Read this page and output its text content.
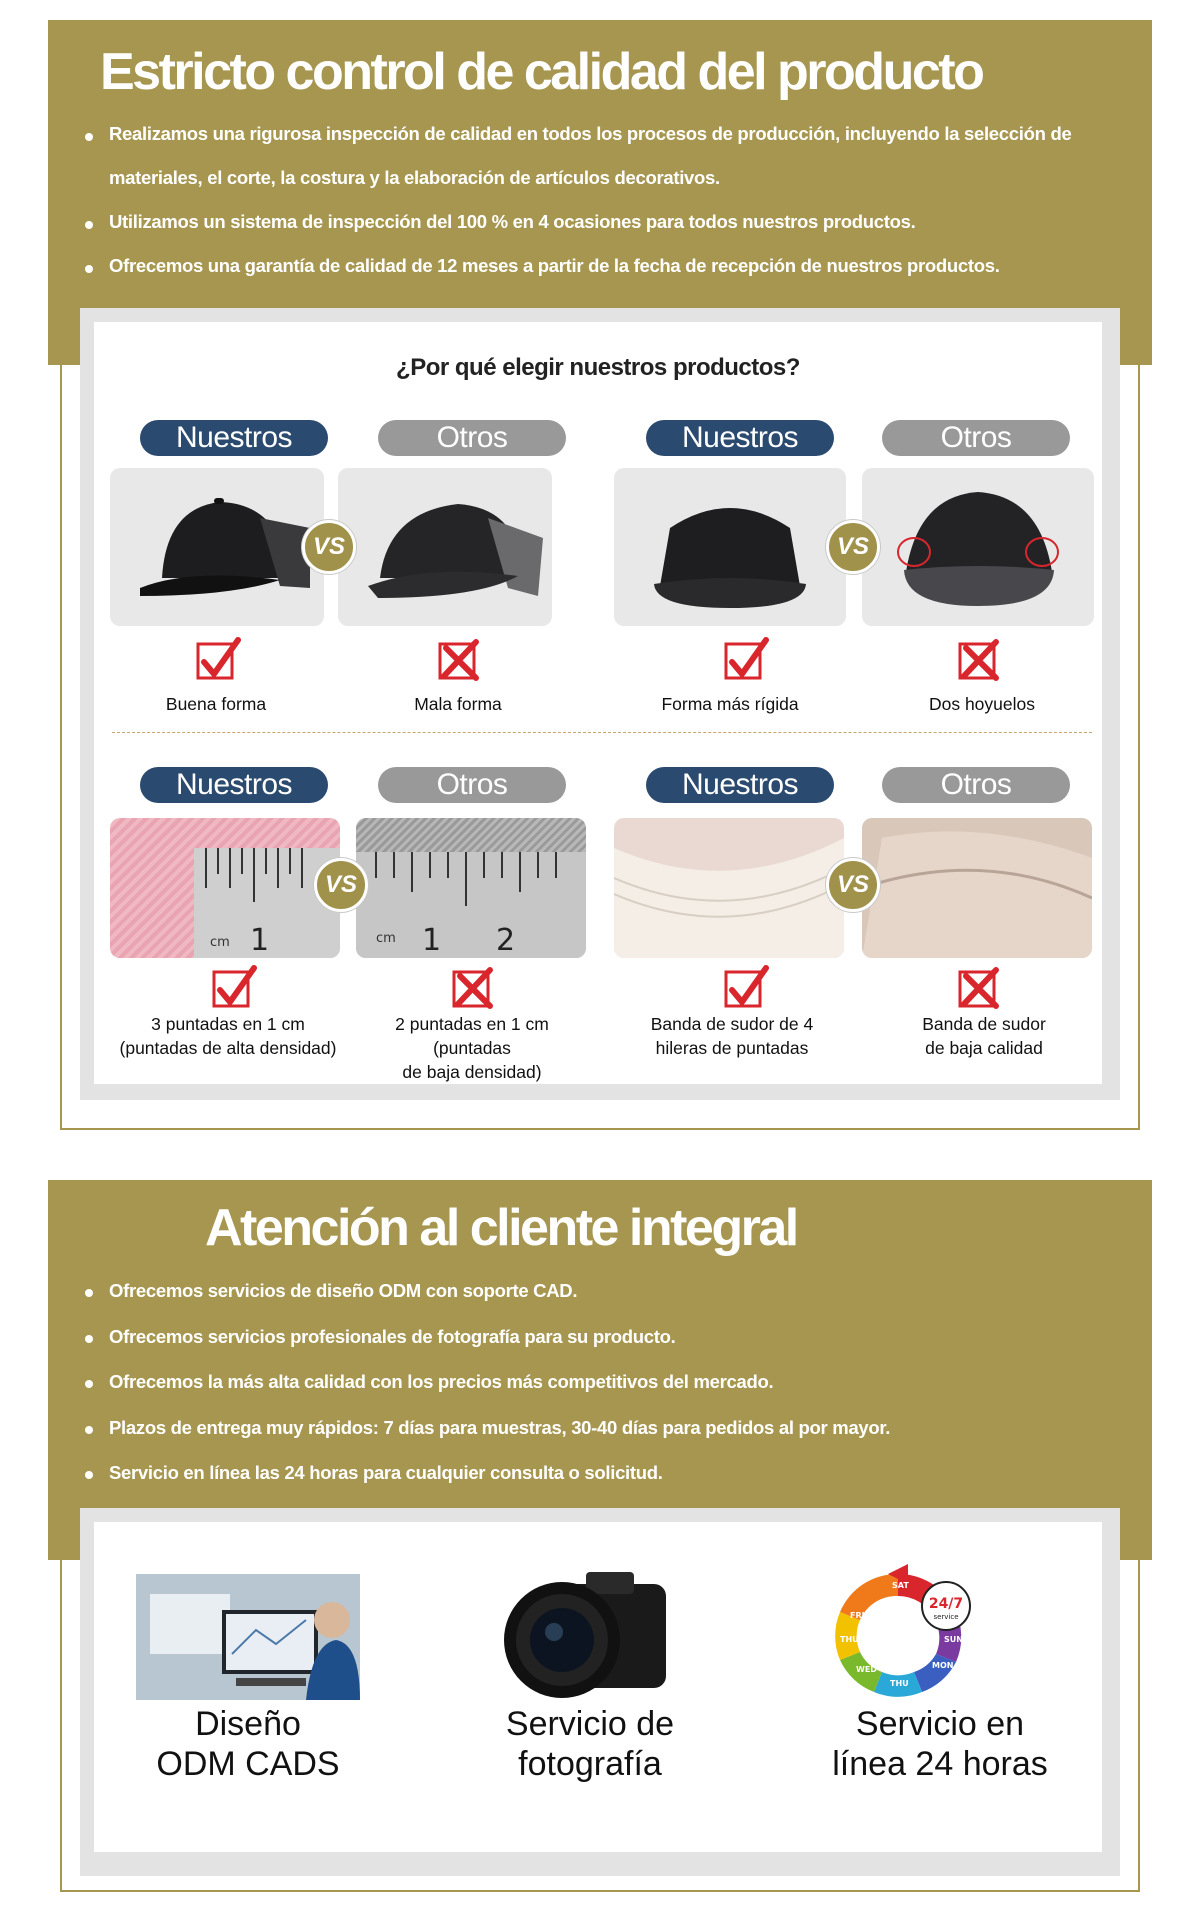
Estricto control de calidad del producto
Realizamos una rigurosa inspección de calidad en todos los procesos de producción, incluyendo la selección de materiales, el corte, la costura y la elaboración de artículos decorativos.
Utilizamos un sistema de inspección del 100 % en 4 ocasiones para todos nuestros productos.
Ofrecemos una garantía de calidad de 12 meses a partir de la fecha de recepción de nuestros productos.
¿Por qué elegir nuestros productos?
Nuestros	Otros	Nuestros	Otros
VS	VS
Buena forma	Mala forma	Forma más rígida	Dos hoyuelos
Nuestros	Otros	Nuestros	Otros
cm 1	cm 1 2
VS	VS
3 puntadas en 1 cm
(puntadas de alta densidad)
2 puntadas en 1 cm
(puntadas
de baja densidad)
Banda de sudor de 4
hileras de puntadas
Banda de sudor
de baja calidad
Atención al cliente integral
Ofrecemos servicios de diseño ODM con soporte CAD.
Ofrecemos servicios profesionales de fotografía para su producto.
Ofrecemos la más alta calidad con los precios más competitivos del mercado.
Plazos de entrega muy rápidos: 7 días para muestras, 30-40 días para pedidos al por mayor.
Servicio en línea las 24 horas para cualquier consulta o solicitud.
24/7
service
SAT
FRI
THU
WED
THU
MON
SUN
Diseño
ODM CADS
Servicio de
fotografía
Servicio en
línea 24 horas
